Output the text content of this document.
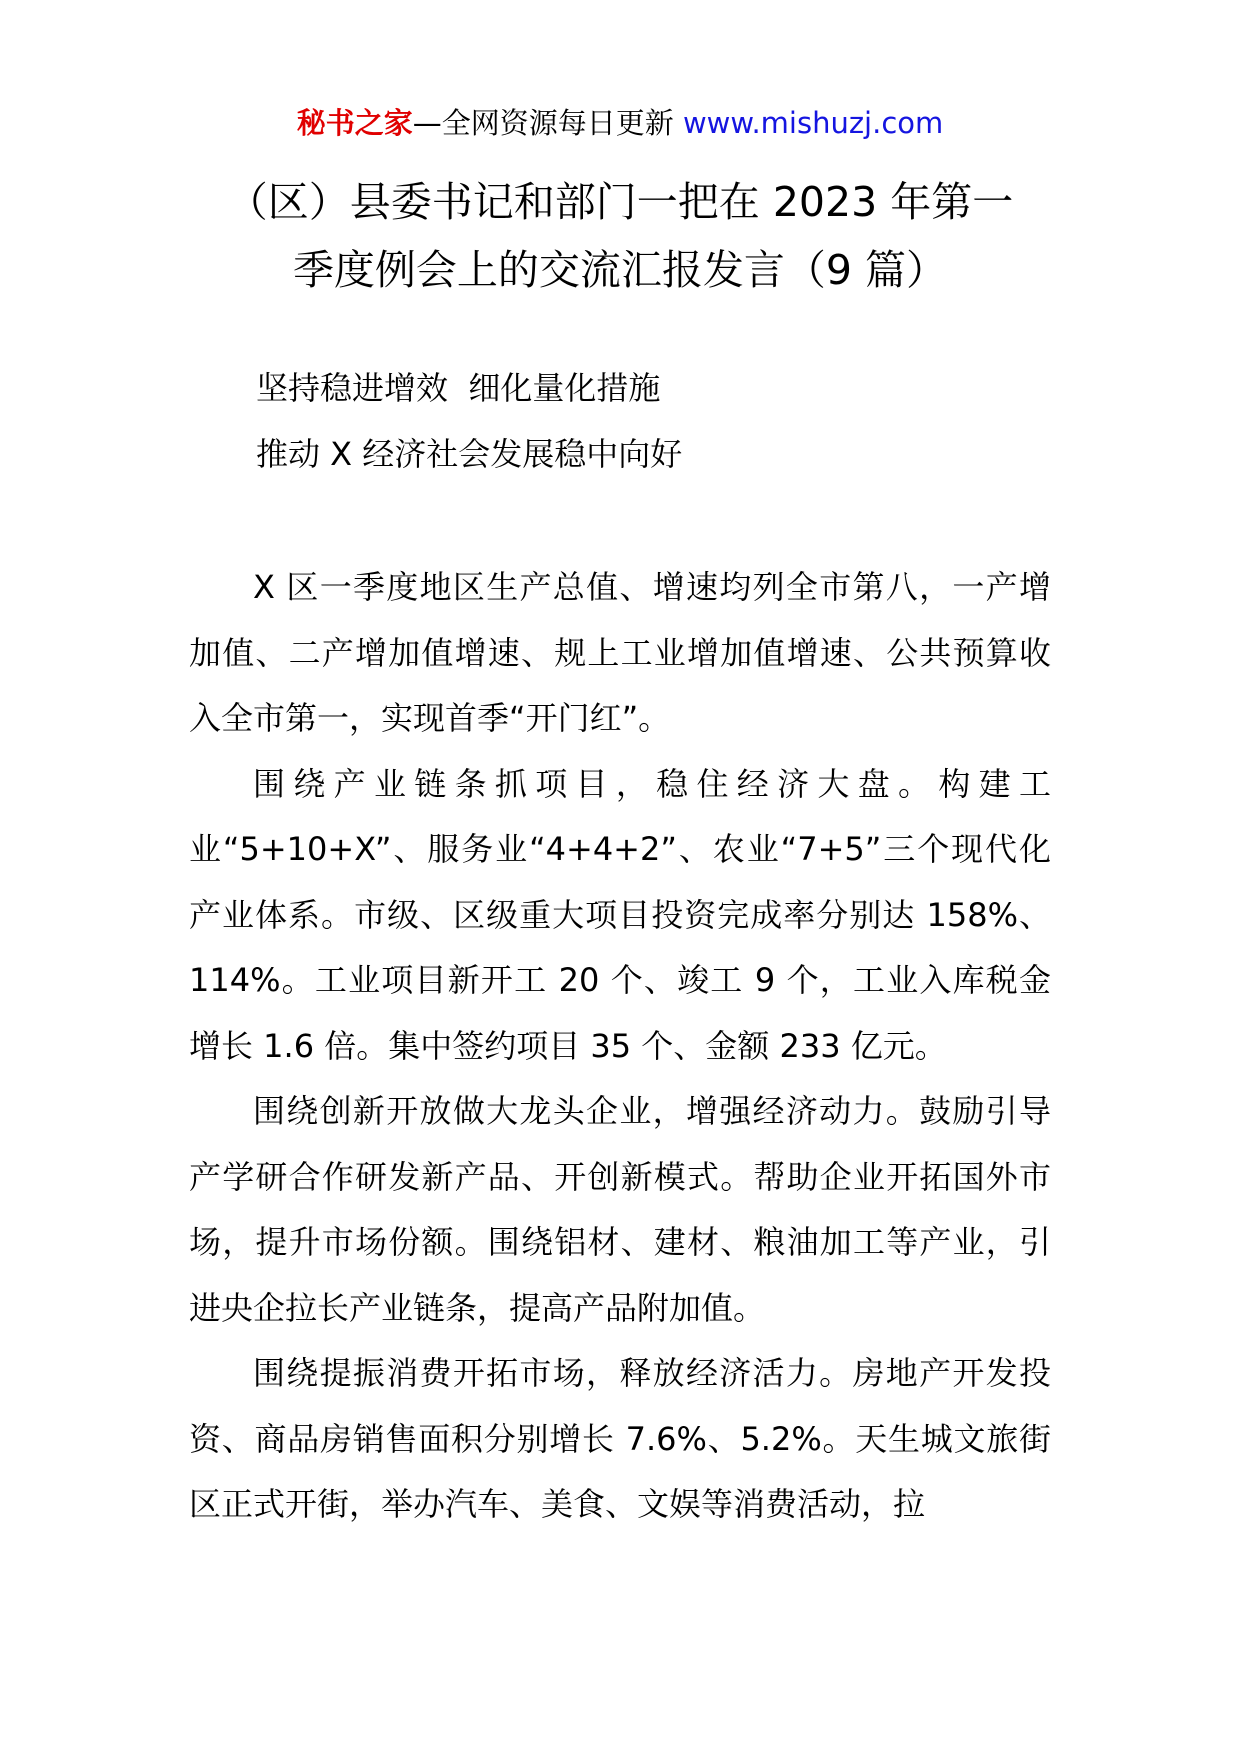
秘书之家—全网资源每日更新 www.mishuzj.com
（区）县委书记和部门一把在 2023 年第一
季度例会上的交流汇报发言（9 篇）
坚持稳进增效  细化量化措施
推动 X 经济社会发展稳中向好

X 区一季度地区生产总值、增速均列全市第八，一产增加值、二产增加值增速、规上工业增加值增速、公共预算收入全市第一，实现首季“开门红”。

围绕产业链条抓项目，稳住经济大盘。构建工业“5+10+X”、服务业“4+4+2”、农业“7+5”三个现代化产业体系。市级、区级重大项目投资完成率分别达 158%、114%。工业项目新开工 20 个、竣工 9 个，工业入库税金增长 1.6 倍。集中签约项目 35 个、金额 233 亿元。

围绕创新开放做大龙头企业，增强经济动力。鼓励引导产学研合作研发新产品、开创新模式。帮助企业开拓国外市场，提升市场份额。围绕铝材、建材、粮油加工等产业，引进央企拉长产业链条，提高产品附加值。

围绕提振消费开拓市场，释放经济活力。房地产开发投资、商品房销售面积分别增长 7.6%、5.2%。天生城文旅街区正式开街，举办汽车、美食、文娱等消费活动，拉
